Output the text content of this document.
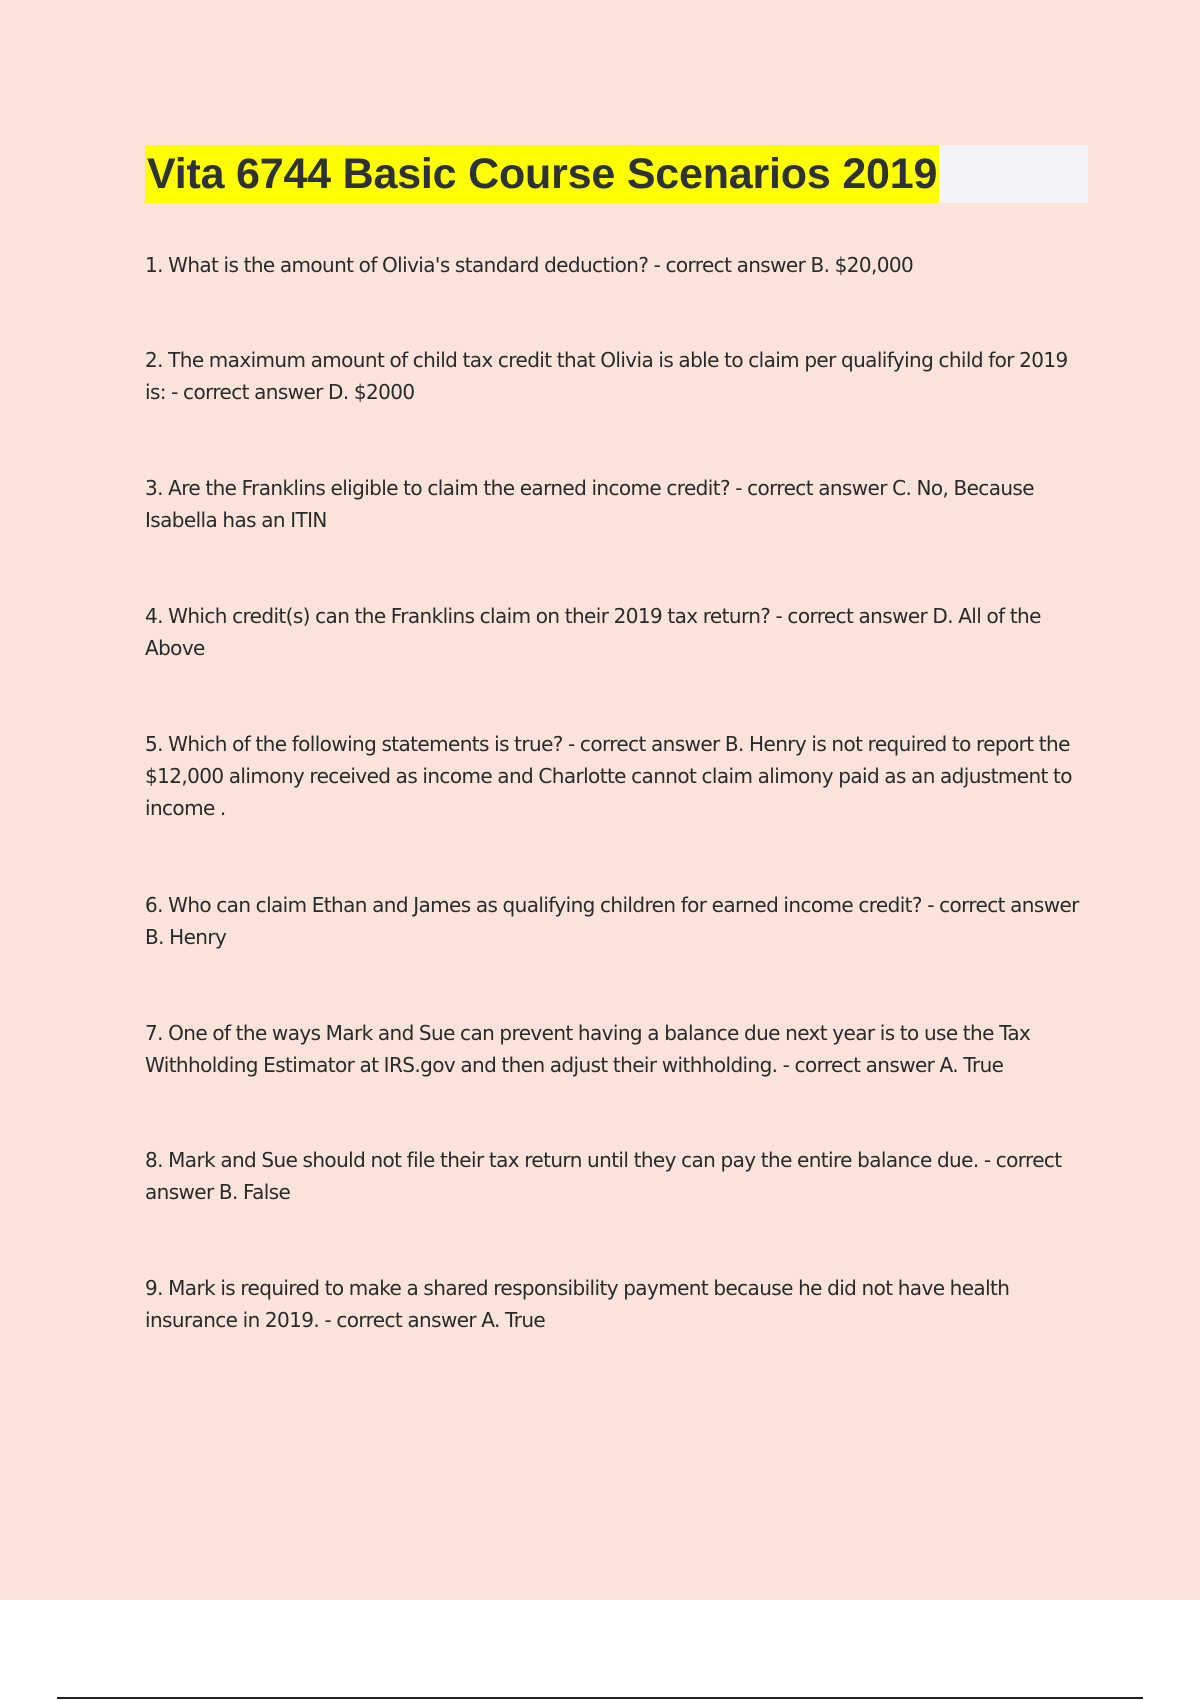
Vita 6744 Basic Course Scenarios 2019

1. What is the amount of Olivia's standard deduction? - correct answer B. $20,000

2. The maximum amount of child tax credit that Olivia is able to claim per qualifying child for 2019 is: - correct answer D. $2000

3. Are the Franklins eligible to claim the earned income credit? - correct answer C. No, Because Isabella has an ITIN

4. Which credit(s) can the Franklins claim on their 2019 tax return? - correct answer D. All of the Above

5. Which of the following statements is true? - correct answer B. Henry is not required to report the $12,000 alimony received as income and Charlotte cannot claim alimony paid as an adjustment to income .

6. Who can claim Ethan and James as qualifying children for earned income credit? - correct answer B. Henry

7. One of the ways Mark and Sue can prevent having a balance due next year is to use the Tax Withholding Estimator at IRS.gov and then adjust their withholding. - correct answer A. True

8. Mark and Sue should not file their tax return until they can pay the entire balance due. - correct answer B. False

9. Mark is required to make a shared responsibility payment because he did not have health insurance in 2019. - correct answer A. True
